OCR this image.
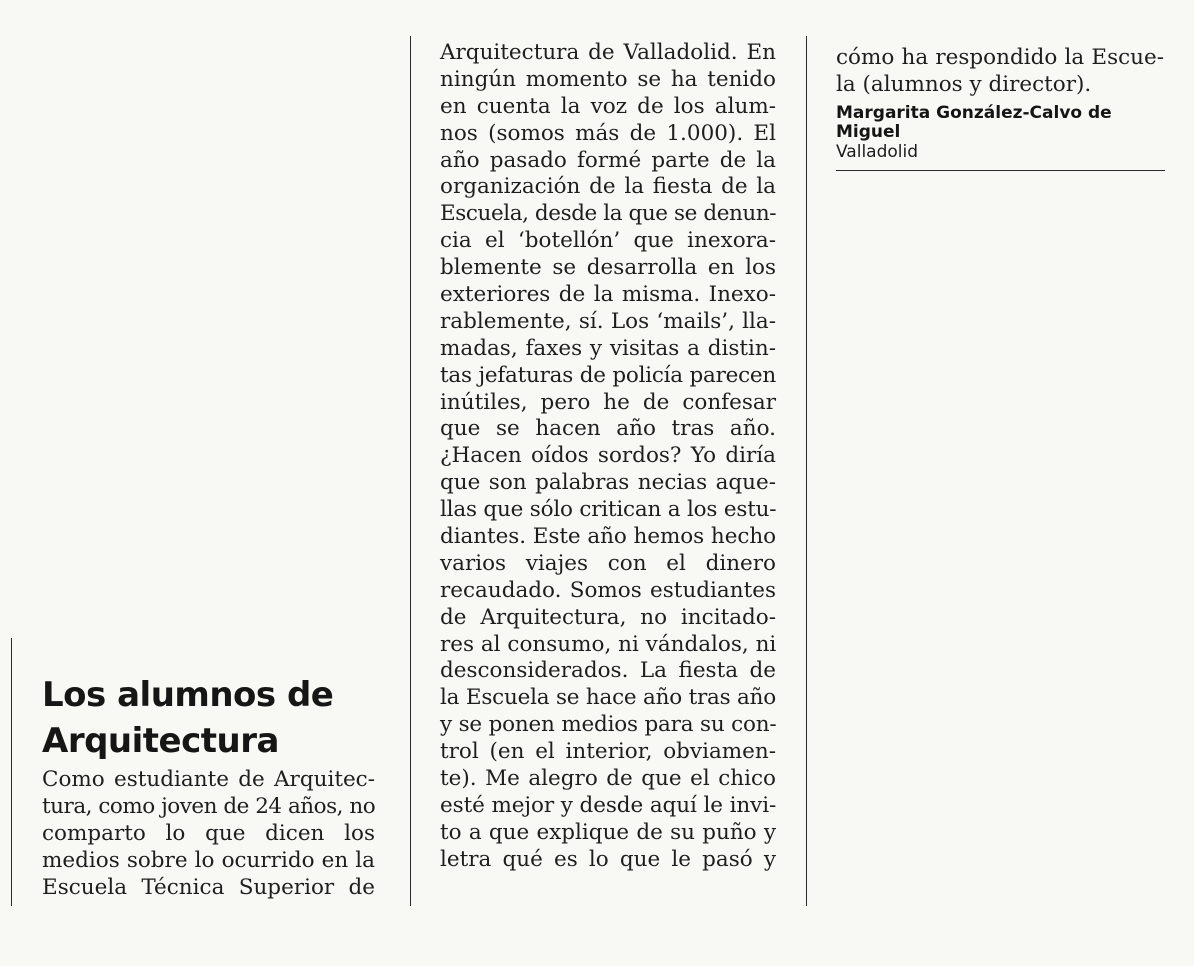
Los alumnos de
Arquitectura
Como estudiante de Arquitec-
tura, como joven de 24 años, no
comparto lo que dicen los
medios sobre lo ocurrido en la
Escuela Técnica Superior de
Arquitectura de Valladolid. En
ningún momento se ha tenido
en cuenta la voz de los alum-
nos (somos más de 1.000). El
año pasado formé parte de la
organización de la fiesta de la
Escuela, desde la que se denun-
cia el ‘botellón’ que inexora-
blemente se desarrolla en los
exteriores de la misma. Inexo-
rablemente, sí. Los ‘mails’, lla-
madas, faxes y visitas a distin-
tas jefaturas de policía parecen
inútiles, pero he de confesar
que se hacen año tras año.
¿Hacen oídos sordos? Yo diría
que son palabras necias aque-
llas que sólo critican a los estu-
diantes. Este año hemos hecho
varios viajes con el dinero
recaudado. Somos estudiantes
de Arquitectura, no incitado-
res al consumo, ni vándalos, ni
desconsiderados. La fiesta de
la Escuela se hace año tras año
y se ponen medios para su con-
trol (en el interior, obviamen-
te). Me alegro de que el chico
esté mejor y desde aquí le invi-
to a que explique de su puño y
letra qué es lo que le pasó y
cómo ha respondido la Escue-
la (alumnos y director).
Margarita González-Calvo de
Miguel
Valladolid
